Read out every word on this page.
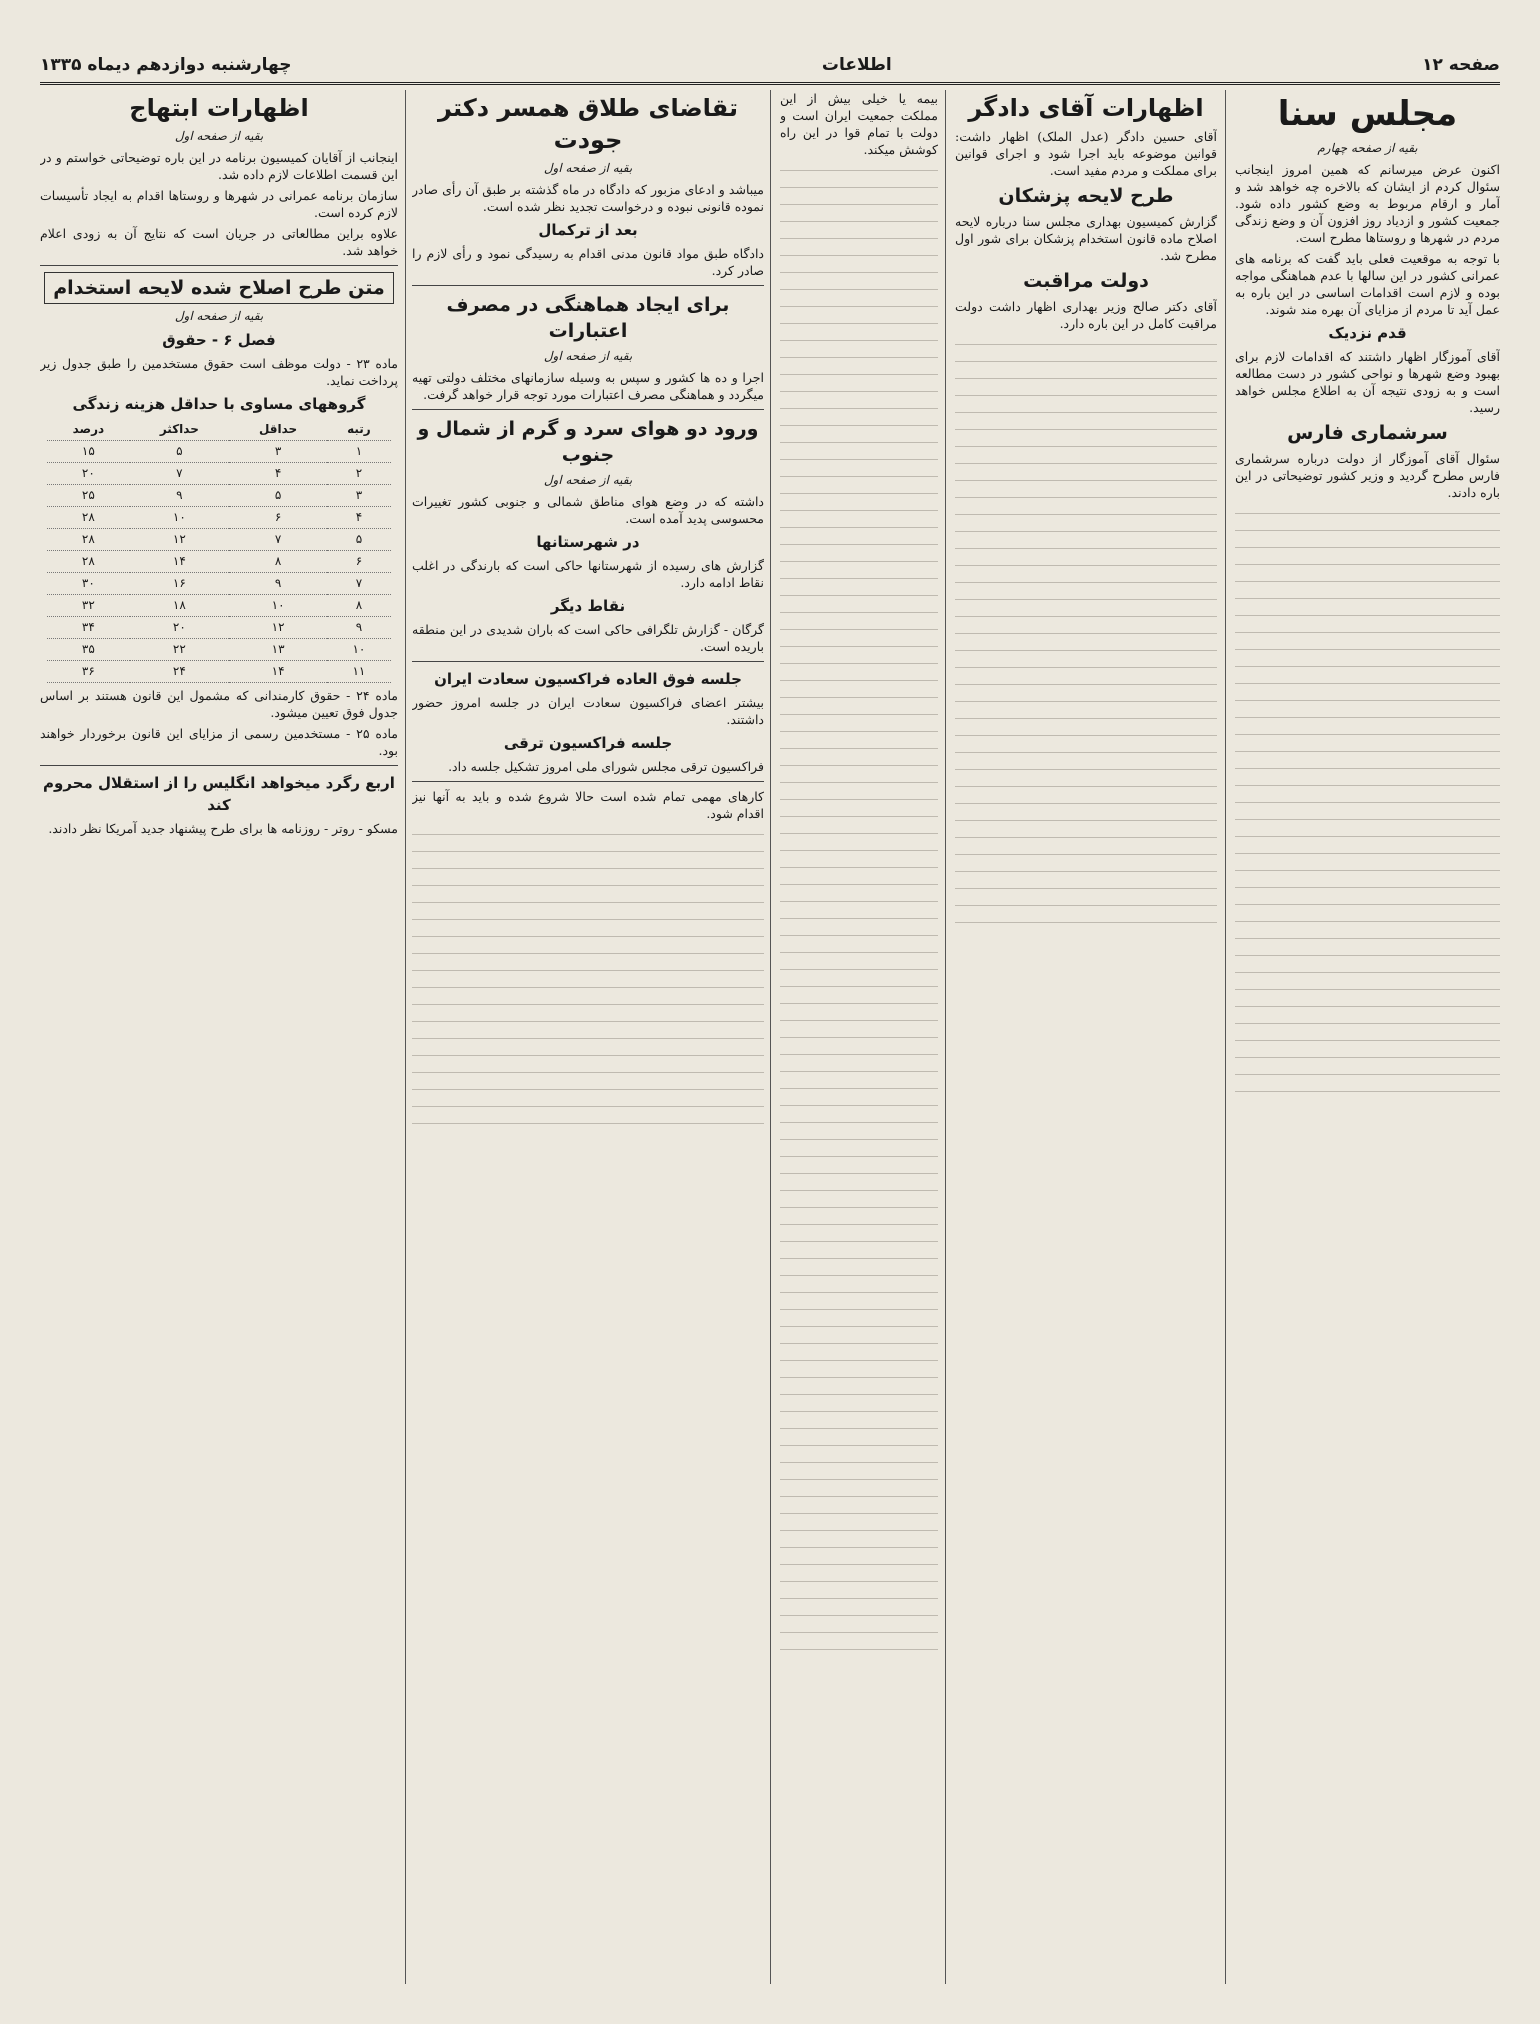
صفحه ۱۲
اطلاعات
چهارشنبه دوازدهم دیماه ۱۳۳۵
مجلس سنا
بقیه از صفحه چهارم

اکنون عرض میرسانم که همین امروز اینجانب سئوال کردم از ایشان که بالاخره چه خواهد شد و آمار و ارقام مربوط به وضع کشور داده شود. جمعیت کشور و ازدیاد روز افزون آن و وضع زندگی مردم در شهرها و روستاها مطرح است.

با توجه به موقعیت فعلی باید گفت که برنامه های عمرانی کشور در این سالها با عدم هماهنگی مواجه بوده و لازم است اقدامات اساسی در این باره به عمل آید تا مردم از مزایای آن بهره مند شوند.

قدم نزدیک

آقای آموزگار اظهار داشتند که اقدامات لازم برای بهبود وضع شهرها و نواحی کشور در دست مطالعه است و به زودی نتیجه آن به اطلاع مجلس خواهد رسید.

سرشماری فارس

سئوال آقای آموزگار از دولت درباره سرشماری فارس مطرح گردید و وزیر کشور توضیحاتی در این باره دادند.

اظهارات آقای دادگر

آقای حسین دادگر (عدل الملک) اظهار داشت: قوانین موضوعه باید اجرا شود و اجرای قوانین برای مملکت و مردم مفید است.

طرح لایحه پزشکان

گزارش کمیسیون بهداری مجلس سنا درباره لایحه اصلاح ماده قانون استخدام پزشکان برای شور اول مطرح شد.

دولت مراقبت

آقای دکتر صالح وزیر بهداری اظهار داشت دولت مراقبت کامل در این باره دارد.

بیمه یا خیلی بیش از این مملکت جمعیت ایران است و دولت با تمام قوا در این راه کوشش میکند.

تقاضای طلاق همسر دکتر جودت
بقیه از صفحه اول

میباشد و ادعای مزبور که دادگاه در ماه گذشته بر طبق آن رأی صادر نموده قانونی نبوده و درخواست تجدید نظر شده است.

بعد از ترکمال

دادگاه طبق مواد قانون مدنی اقدام به رسیدگی نمود و رأی لازم را صادر کرد.

برای ایجاد هماهنگی در مصرف اعتبارات
بقیه از صفحه اول

اجرا و ده ها کشور و سپس به وسیله سازمانهای مختلف دولتی تهیه میگردد و هماهنگی مصرف اعتبارات مورد توجه قرار خواهد گرفت.

ورود دو هوای سرد و گرم از شمال و جنوب
بقیه از صفحه اول

داشته که در وضع هوای مناطق شمالی و جنوبی کشور تغییرات محسوسی پدید آمده است.

در شهرستانها

گزارش های رسیده از شهرستانها حاکی است که بارندگی در اغلب نقاط ادامه دارد.

نقاط دیگر

گرگان - گزارش تلگرافی حاکی است که باران شدیدی در این منطقه باریده است.

جلسه فوق العاده فراکسیون سعادت ایران

بیشتر اعضای فراکسیون سعادت ایران در جلسه امروز حضور داشتند.

جلسه فراکسیون ترقی

فراکسیون ترقی مجلس شورای ملی امروز تشکیل جلسه داد.

کارهای مهمی تمام شده است حالا شروع شده و باید به آنها نیز اقدام شود.

اظهارات ابتهاج
بقیه از صفحه اول

اینجانب از آقایان کمیسیون برنامه در این باره توضیحاتی خواستم و در این قسمت اطلاعات لازم داده شد.

سازمان برنامه عمرانی در شهرها و روستاها اقدام به ایجاد تأسیسات لازم کرده است.

علاوه براین مطالعاتی در جریان است که نتایج آن به زودی اعلام خواهد شد.

متن طرح اصلاح شده لایحه استخدام
بقیه از صفحه اول
فصل ۶ - حقوق

ماده ۲۳ - دولت موظف است حقوق مستخدمین را طبق جدول زیر پرداخت نماید.

گروههای مساوی با حداقل هزینه زندگی
رتبه	حداقل	حداکثر	درصد
۱	۳	۵	۱۵
۲	۴	۷	۲۰
۳	۵	۹	۲۵
۴	۶	۱۰	۲۸
۵	۷	۱۲	۲۸
۶	۸	۱۴	۲۸
۷	۹	۱۶	۳۰
۸	۱۰	۱۸	۳۲
۹	۱۲	۲۰	۳۴
۱۰	۱۳	۲۲	۳۵
۱۱	۱۴	۲۴	۳۶

ماده ۲۴ - حقوق کارمندانی که مشمول این قانون هستند بر اساس جدول فوق تعیین میشود.

ماده ۲۵ - مستخدمین رسمی از مزایای این قانون برخوردار خواهند بود.

اربع رگرد میخواهد انگلیس را از استقلال محروم کند

مسکو - روتر - روزنامه ها برای طرح پیشنهاد جدید آمریکا نظر دادند.
